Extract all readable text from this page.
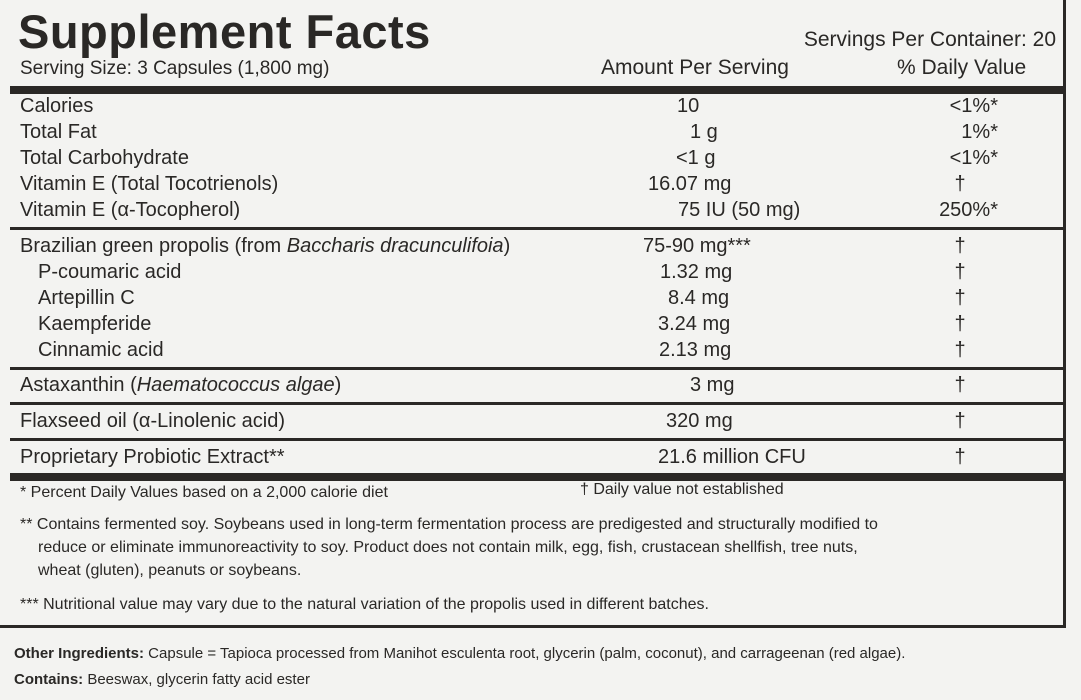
Supplement Facts	Servings Per Container: 20
Serving Size: 3 Capsules (1,800 mg)	Amount Per Serving	% Daily Value
Calories	10	<1%*
Total Fat	1 g	1%*
Total Carbohydrate	<1 g	<1%*
Vitamin E (Total Tocotrienols)	16.07 mg	†
Vitamin E (α-Tocopherol)	75 IU (50 mg)	250%*
Brazilian green propolis (from Baccharis dracunculifoia)	75-90 mg***	†
P-coumaric acid	1.32 mg	†
Artepillin C	8.4 mg	†
Kaempferide	3.24 mg	†
Cinnamic acid	2.13 mg	†
Astaxanthin (Haematococcus algae)	3 mg	†
Flaxseed oil (α-Linolenic acid)	320 mg	†
Proprietary Probiotic Extract**	21.6 million CFU	†
* Percent Daily Values based on a 2,000 calorie diet	† Daily value not established
** Contains fermented soy. Soybeans used in long-term fermentation process are predigested and structurally modified to
reduce or eliminate immunoreactivity to soy. Product does not contain milk, egg, fish, crustacean shellfish, tree nuts,
wheat (gluten), peanuts or soybeans.
*** Nutritional value may vary due to the natural variation of the propolis used in different batches.
Other Ingredients: Capsule = Tapioca processed from Manihot esculenta root, glycerin (palm, coconut), and carrageenan (red algae).
Contains: Beeswax, glycerin fatty acid ester
